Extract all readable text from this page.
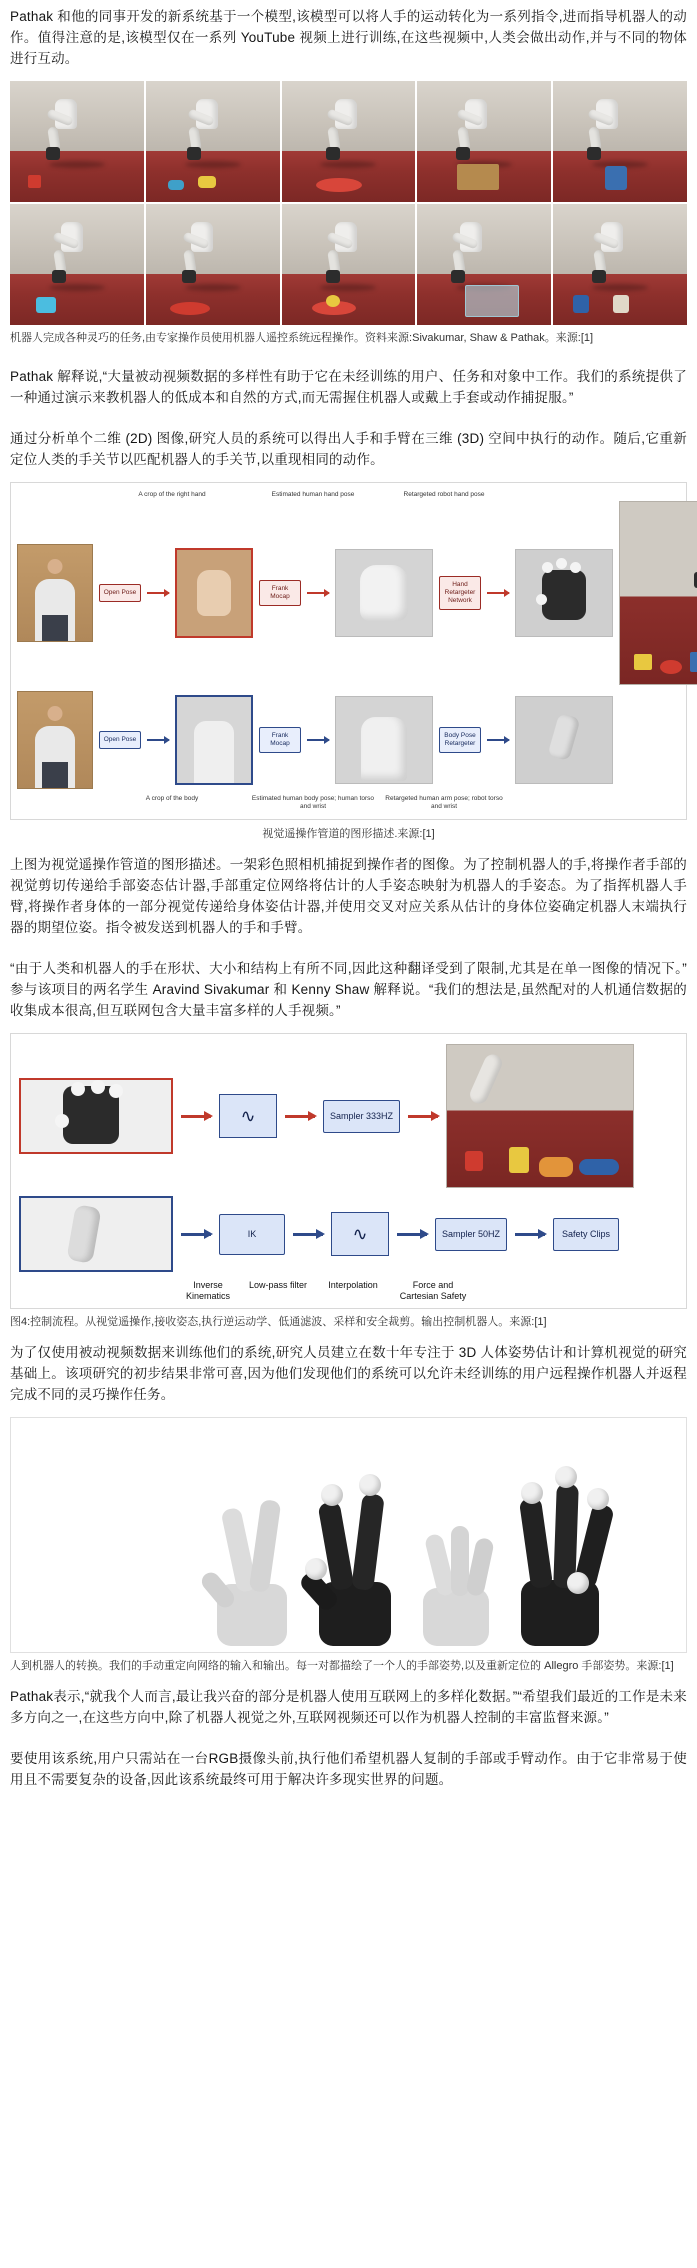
Pathak 和他的同事开发的新系统基于一个模型,该模型可以将人手的运动转化为一系列指令,进而指导机器人的动作。值得注意的是,该模型仅在一系列 YouTube 视频上进行训练,在这些视频中,人类会做出动作,并与不同的物体进行互动。

机器人完成各种灵巧的任务,由专家操作员使用机器人遥控系统远程操作。资料来源:Sivakumar, Shaw & Pathak。来源:[1]

Pathak 解释说,“大量被动视频数据的多样性有助于它在未经训练的用户、任务和对象中工作。我们的系统提供了一种通过演示来教机器人的低成本和自然的方式,而无需握住机器人或戴上手套或动作捕捉服。”

通过分析单个二维 (2D) 图像,研究人员的系统可以得出人手和手臂在三维 (3D) 空间中执行的动作。随后,它重新定位人类的手关节以匹配机器人的手关节,以重现相同的动作。

A crop of the right hand	Estimated human hand pose	Retargeted robot hand pose
Open Pose
Frank Mocap
Hand Retargeter Network
Open Pose
Frank Mocap
Body Pose Retargeter
A crop of the body	Estimated human body pose; human torso and wrist
Retargeted human arm pose; robot torso and wrist

视觉遥操作管道的图形描述.来源:[1]

上图为视觉遥操作管道的图形描述。一架彩色照相机捕捉到操作者的图像。为了控制机器人的手,将操作者手部的视觉剪切传递给手部姿态估计器,手部重定位网络将估计的人手姿态映射为机器人的手姿态。为了指挥机器人手臂,将操作者身体的一部分视觉传递给身体姿估计器,并使用交叉对应关系从估计的身体位姿确定机器人末端执行器的期望位姿。指令被发送到机器人的手和手臂。

“由于人类和机器人的手在形状、大小和结构上有所不同,因此这种翻译受到了限制,尤其是在单一图像的情况下。” 参与该项目的两名学生 Aravind Sivakumar 和 Kenny Shaw 解释说。“我们的想法是,虽然配对的人机通信数据的收集成本很高,但互联网包含大量丰富多样的人手视频。”

∿	Sampler 333HZ
IK	∿	Sampler 50HZ	Safety Clips
Inverse Kinematics
Low-pass filter	Interpolation	Force and Cartesian Safety

图4:控制流程。从视觉遥操作,接收姿态,执行逆运动学、低通滤波、采样和安全裁剪。输出控制机器人。来源:[1]

为了仅使用被动视频数据来训练他们的系统,研究人员建立在数十年专注于 3D 人体姿势估计和计算机视觉的研究基础上。该项研究的初步结果非常可喜,因为他们发现他们的系统可以允许未经训练的用户远程操作机器人并返程完成不同的灵巧操作任务。

人到机器人的转换。我们的手动重定向网络的输入和输出。每一对都描绘了一个人的手部姿势,以及重新定位的 Allegro 手部姿势。来源:[1]

Pathak表示,“就我个人而言,最让我兴奋的部分是机器人使用互联网上的多样化数据。”“希望我们最近的工作是未来多方向之一,在这些方向中,除了机器人视觉之外,互联网视频还可以作为机器人控制的丰富监督来源。”

要使用该系统,用户只需站在一台RGB摄像头前,执行他们希望机器人复制的手部或手臂动作。由于它非常易于使用且不需要复杂的设备,因此该系统最终可用于解决许多现实世界的问题。
